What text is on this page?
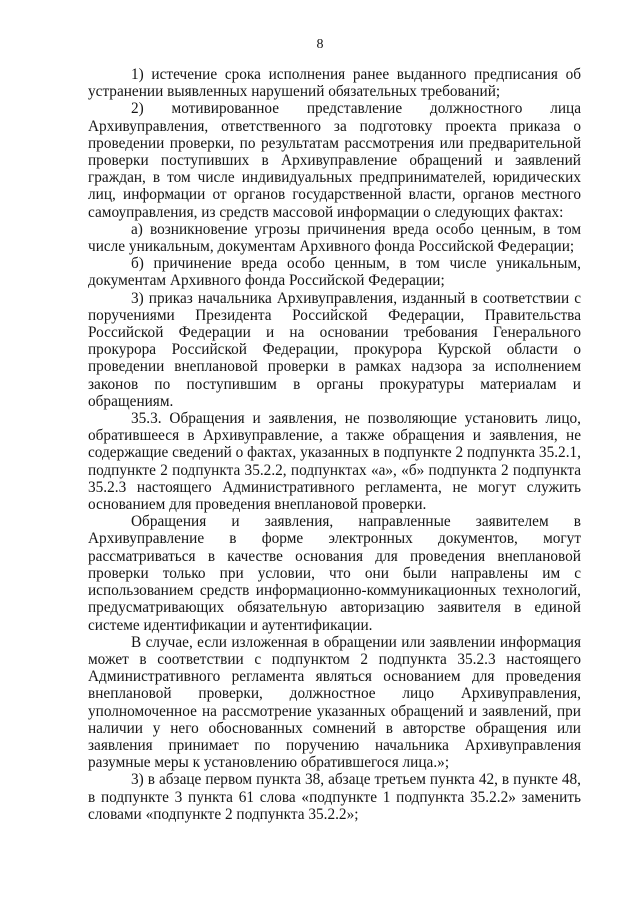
8

1) истечение срока исполнения ранее выданного предписания об устранении выявленных нарушений обязательных требований;

2) мотивированное представление должностного лица Архивуправления, ответственного за подготовку проекта приказа о проведении проверки, по результатам рассмотрения или предварительной проверки поступивших в Архивуправление обращений и заявлений граждан, в том числе индивидуальных предпринимателей, юридических лиц, информации от органов государственной власти, органов местного самоуправления, из средств массовой информации о следующих фактах:

а) возникновение угрозы причинения вреда особо ценным, в том числе уникальным, документам Архивного фонда Российской Федерации;

б) причинение вреда особо ценным, в том числе уникальным, документам Архивного фонда Российской Федерации;

3) приказ начальника Архивуправления, изданный в соответствии с поручениями Президента Российской Федерации, Правительства Российской Федерации и на основании требования Генерального прокурора Российской Федерации, прокурора Курской области о проведении внеплановой проверки в рамках надзора за исполнением законов по поступившим в органы прокуратуры материалам и обращениям.

35.3. Обращения и заявления, не позволяющие установить лицо, обратившееся в Архивуправление, а также обращения и заявления, не содержащие сведений о фактах, указанных в подпункте 2 подпункта 35.2.1, подпункте 2 подпункта 35.2.2, подпунктах «а», «б» подпункта 2 подпункта 35.2.3 настоящего Административного регламента, не могут служить основанием для проведения внеплановой проверки.

Обращения и заявления, направленные заявителем в Архивуправление в форме электронных документов, могут рассматриваться в качестве основания для проведения внеплановой проверки только при условии, что они были направлены им с использованием средств информационно-коммуникационных технологий, предусматривающих обязательную авторизацию заявителя в единой системе идентификации и аутентификации.

В случае, если изложенная в обращении или заявлении информация может в соответствии с подпунктом 2 подпункта 35.2.3 настоящего Административного регламента являться основанием для проведения внеплановой проверки, должностное лицо Архивуправления, уполномоченное на рассмотрение указанных обращений и заявлений, при наличии у него обоснованных сомнений в авторстве обращения или заявления принимает по поручению начальника Архивуправления разумные меры к установлению обратившегося лица.»;

3) в абзаце первом пункта 38, абзаце третьем пункта 42, в пункте 48, в подпункте 3 пункта 61 слова «подпункте 1 подпункта 35.2.2» заменить словами «подпункте 2 подпункта 35.2.2»;
